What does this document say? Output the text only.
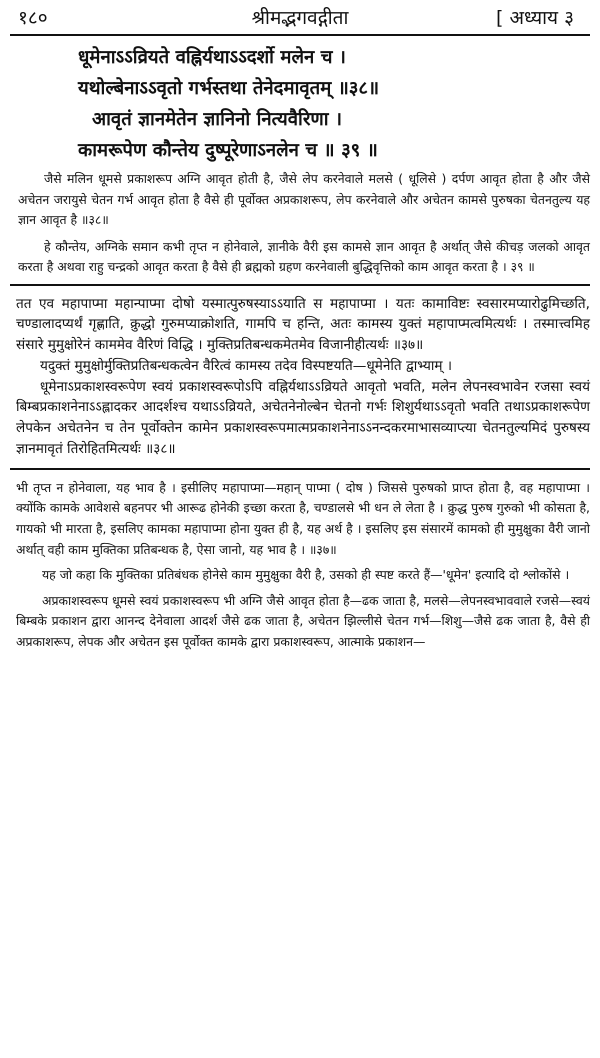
१८०	श्रीमद्भगवद्गीता	[ अध्याय ३
धूमेनाऽऽव्रियते वह्निर्यथाऽऽदर्शो मलेन च ।
यथोल्बेनाऽऽवृतो गर्भस्तथा तेनेदमावृतम् ॥३८॥
आवृतं ज्ञानमेतेन ज्ञानिनो नित्यवैरिणा ।
कामरूपेण कौन्तेय दुष्पूरेणाऽनलेन च ॥ ३९ ॥

जैसे मलिन धूमसे प्रकाशरूप अग्नि आवृत होती है, जैसे लेप करनेवाले मलसे ( धूलिसे ) दर्पण आवृत होता है और जैसे अचेतन जरायुसे चेतन गर्भ आवृत होता है वैसे ही पूर्वोक्त अप्रकाशरूप, लेप करनेवाले और अचेतन कामसे पुरुषका चेतनतुल्य यह ज्ञान आवृत है ॥३८॥

हे कौन्तेय, अग्निके समान कभी तृप्त न होनेवाले, ज्ञानीके वैरी इस कामसे ज्ञान आवृत है अर्थात् जैसे कीचड़ जलको आवृत करता है अथवा राहु चन्द्रको आवृत करता है वैसे ही ब्रह्मको ग्रहण करनेवाली बुद्धिवृत्तिको काम आवृत करता है । ३९ ॥

तत एव महापाप्मा महान्पाप्मा दोषो यस्मात्पुरुषस्याऽऽयाति स महापाप्मा । यतः कामाविष्टः स्वसारमप्यारोढुमिच्छति, चण्डालादप्यर्थं गृह्णाति, क्रुद्धो गुरुमप्याक्रोशति, गामपि च हन्ति, अतः कामस्य युक्तं महापाप्मत्वमित्यर्थः । तस्मात्त्वमिह संसारे मुमुक्षोरेनं काममेव वैरिणं विद्धि । मुक्तिप्रतिबन्धकमेतमेव विजानीहीत्यर्थः ॥३७॥

यदुक्तं मुमुक्षोर्मुक्तिप्रतिबन्धकत्वेन वैरित्वं कामस्य तदेव विस्पष्टयति—धूमेनेति द्वाभ्याम् ।

धूमेनाऽप्रकाशस्वरूपेण स्वयं प्रकाशस्वरूपोऽपि वह्निर्यथाऽऽव्रियते आवृतो भवति, मलेन लेपनस्वभावेन रजसा स्वयं बिम्बप्रकाशनेनाऽऽह्लादकर आदर्शश्च यथाऽऽव्रियते, अचेतनेनोल्बेन चेतनो गर्भः शिशुर्यथाऽऽवृतो भवति तथाऽप्रकाशरूपेण लेपकेन अचेतनेन च तेन पूर्वोक्तेन कामेन प्रकाशस्वरूपमात्मप्रकाशनेनाऽऽनन्दकरमाभासव्याप्त्या चेतनतुल्यमिदं पुरुषस्य ज्ञानमावृतं तिरोहितमित्यर्थः ॥३८॥

भी तृप्त न होनेवाला, यह भाव है । इसीलिए महापाप्मा—महान् पाप्मा ( दोष ) जिससे पुरुषको प्राप्त होता है, वह महापाप्मा । क्योंकि कामके आवेशसे बहनपर भी आरूढ होनेकी इच्छा करता है, चण्डालसे भी धन ले लेता है । क्रुद्ध पुरुष गुरुको भी कोसता है, गायको भी मारता है, इसलिए कामका महापाप्मा होना युक्त ही है, यह अर्थ है । इसलिए इस संसारमें कामको ही मुमुक्षुका वैरी जानो अर्थात् वही काम मुक्तिका प्रतिबन्धक है, ऐसा जानो, यह भाव है । ॥३७॥

यह जो कहा कि मुक्तिका प्रतिबंधक होनेसे काम मुमुक्षुका वैरी है, उसको ही स्पष्ट करते हैं—'धूमेन' इत्यादि दो श्लोकोंसे ।

अप्रकाशस्वरूप धूमसे स्वयं प्रकाशस्वरूप भी अग्नि जैसे आवृत होता है—ढक जाता है, मलसे—लेपनस्वभाववाले रजसे—स्वयं बिम्बके प्रकाशन द्वारा आनन्द देनेवाला आदर्श जैसे ढक जाता है, अचेतन झिल्लीसे चेतन गर्भ—शिशु—जैसे ढक जाता है, वैसे ही अप्रकाशरूप, लेपक और अचेतन इस पूर्वोक्त कामके द्वारा प्रकाशस्वरूप, आत्माके प्रकाशन—
